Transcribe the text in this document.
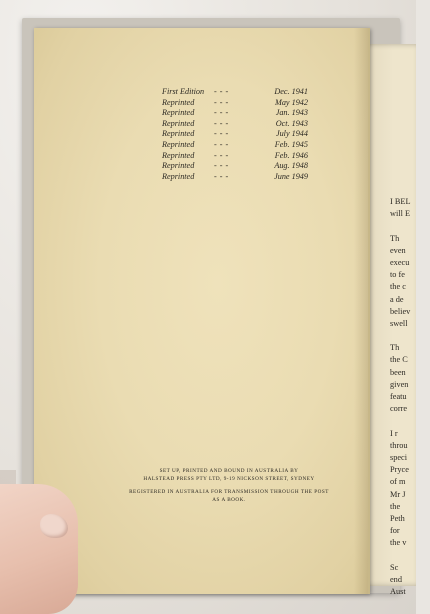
I BEL
will E
Th
even
execu
to fe
the c
a de
believ
swell
Th
the C
been
given
featu
corre
I r
throu
speci
Pryce
of m
Mr J
the
Peth
for
the v
Sc
end
Aust
First Edition	- - -	Dec. 1941
Reprinted	- - -	May 1942
Reprinted	- - -	Jan. 1943
Reprinted	- - -	Oct. 1943
Reprinted	- - -	July 1944
Reprinted	- - -	Feb. 1945
Reprinted	- - -	Feb. 1946
Reprinted	- - -	Aug. 1948
Reprinted	- - -	June 1949
SET UP, PRINTED AND BOUND IN AUSTRALIA BY
HALSTEAD PRESS PTY LTD, 9-19 NICKSON STREET, SYDNEY
REGISTERED IN AUSTRALIA FOR TRANSMISSION THROUGH THE POST
AS A BOOK.
